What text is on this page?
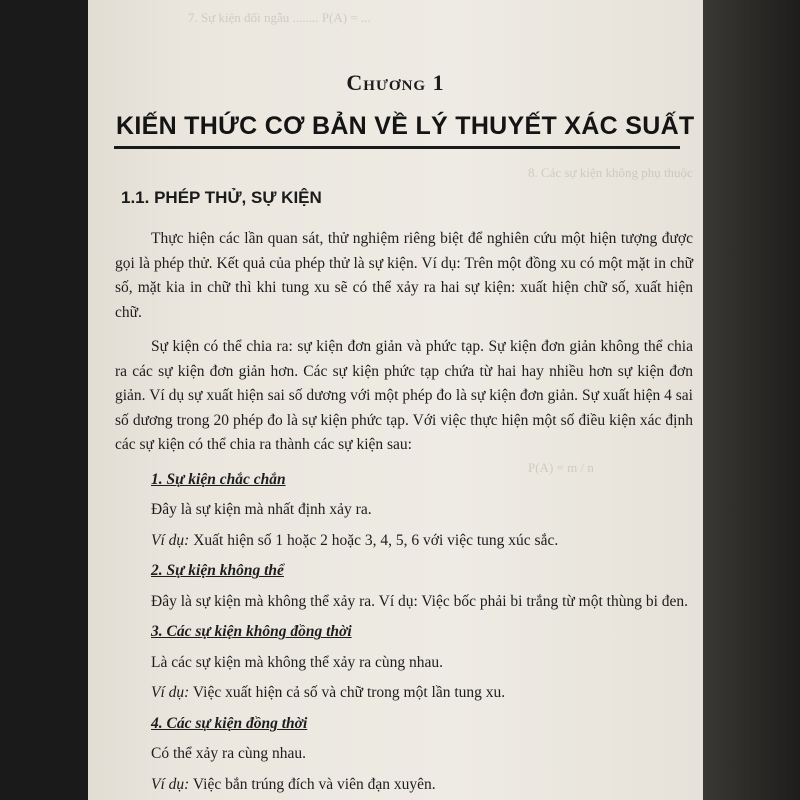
7. Sự kiện đối ngẫu ........ P(A) = ...
8. Các sự kiện không phụ thuộc
P(A) = m / n
Chương 1
KIẾN THỨC CƠ BẢN VỀ LÝ THUYẾT XÁC SUẤT
1.1. PHÉP THỬ, SỰ KIỆN

Thực hiện các lần quan sát, thử nghiệm riêng biệt để nghiên cứu một hiện tượng được gọi là phép thử. Kết quả của phép thử là sự kiện. Ví dụ: Trên một đồng xu có một mặt in chữ số, mặt kia in chữ thì khi tung xu sẽ có thể xảy ra hai sự kiện: xuất hiện chữ số, xuất hiện chữ.

Sự kiện có thể chia ra: sự kiện đơn giản và phức tạp. Sự kiện đơn giản không thể chia ra các sự kiện đơn giản hơn. Các sự kiện phức tạp chứa từ hai hay nhiều hơn sự kiện đơn giản. Ví dụ sự xuất hiện sai số dương với một phép đo là sự kiện đơn giản. Sự xuất hiện 4 sai số dương trong 20 phép đo là sự kiện phức tạp. Với việc thực hiện một số điều kiện xác định các sự kiện có thể chia ra thành các sự kiện sau:

1. Sự kiện chắc chắn
Đây là sự kiện mà nhất định xảy ra.
Ví dụ: Xuất hiện số 1 hoặc 2 hoặc 3, 4, 5, 6 với việc tung xúc sắc.
2. Sự kiện không thể
Đây là sự kiện mà không thể xảy ra. Ví dụ: Việc bốc phải bi trắng từ một thùng bi đen.
3. Các sự kiện không đồng thời
Là các sự kiện mà không thể xảy ra cùng nhau.
Ví dụ: Việc xuất hiện cả số và chữ trong một lần tung xu.
4. Các sự kiện đồng thời
Có thể xảy ra cùng nhau.
Ví dụ: Việc bắn trúng đích và viên đạn xuyên.
